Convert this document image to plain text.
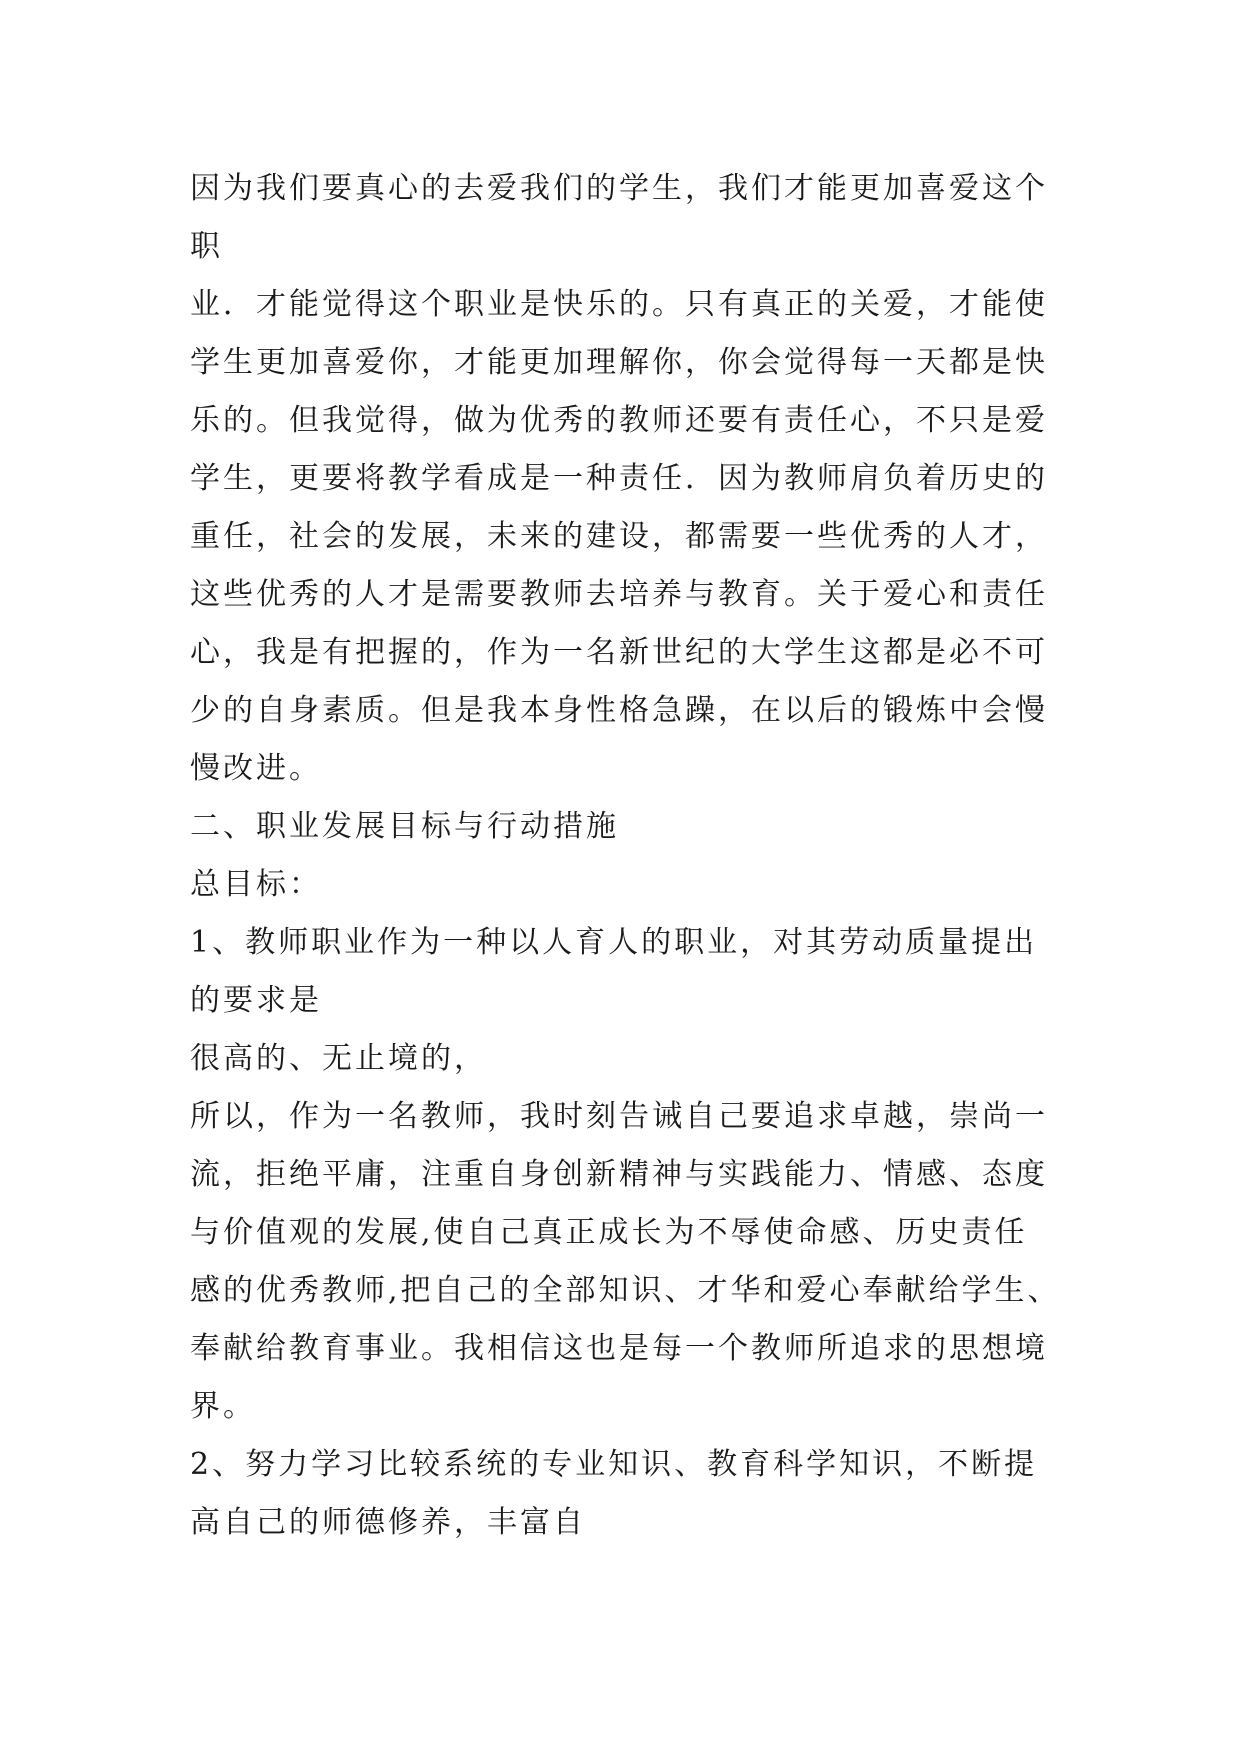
因为我们要真心的去爱我们的学生，我们才能更加喜爱这个
职
业．才能觉得这个职业是快乐的。只有真正的关爱，才能使
学生更加喜爱你，才能更加理解你，你会觉得每一天都是快
乐的。但我觉得，做为优秀的教师还要有责任心，不只是爱
学生，更要将教学看成是一种责任．因为教师肩负着历史的
重任，社会的发展，未来的建设，都需要一些优秀的人才，
这些优秀的人才是需要教师去培养与教育。关于爱心和责任
心，我是有把握的，作为一名新世纪的大学生这都是必不可
少的自身素质。但是我本身性格急躁，在以后的锻炼中会慢
慢改进。
二、职业发展目标与行动措施
总目标：
1、教师职业作为一种以人育人的职业，对其劳动质量提出
的要求是
很高的、无止境的，
所以，作为一名教师，我时刻告诫自己要追求卓越，崇尚一
流，拒绝平庸，注重自身创新精神与实践能力、情感、态度
与价值观的发展,使自己真正成长为不辱使命感、历史责任
感的优秀教师,把自己的全部知识、才华和爱心奉献给学生、
奉献给教育事业。我相信这也是每一个教师所追求的思想境
界。
2、努力学习比较系统的专业知识、教育科学知识，不断提
高自己的师德修养，丰富自
